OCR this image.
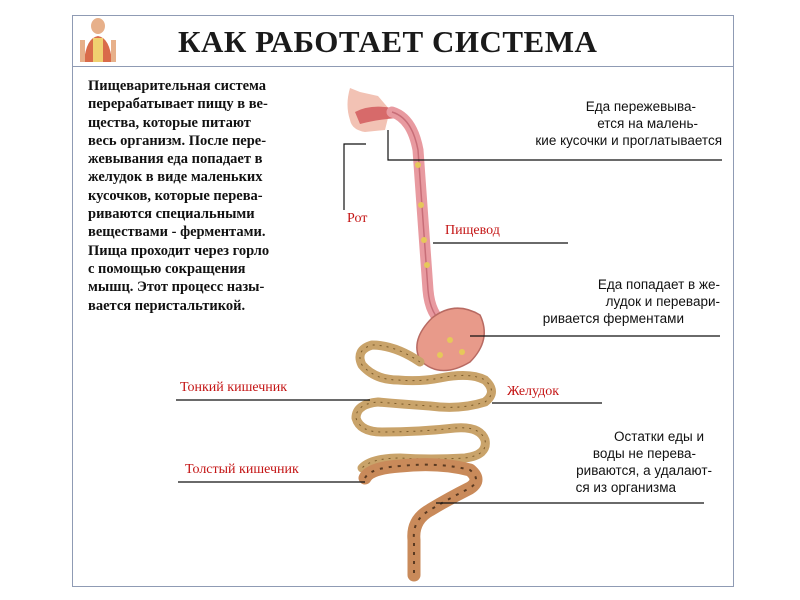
КАК РАБОТАЕТ СИСТЕМА

Пищеварительная система

перерабатывает пищу в ве-

щества, которые питают

весь организм. После пере-

жевывания еда попадает в

желудок в виде маленьких

кусочков, которые перева-

риваются специальными

веществами - ферментами.

Пища проходит через горло

с помощью сокращения

мышц. Этот процесс назы-

вается перистальтикой.

Рот
Пищевод
Тонкий кишечник	Желудок
Толстый кишечник
Еда пережевыва-
ется на малень-
кие кусочки и проглатывается
Еда попадает в же-
лудок и перевари-
ривается ферментами
Остатки еды и
воды не перева-
риваются, а удалают-
ся из организма
